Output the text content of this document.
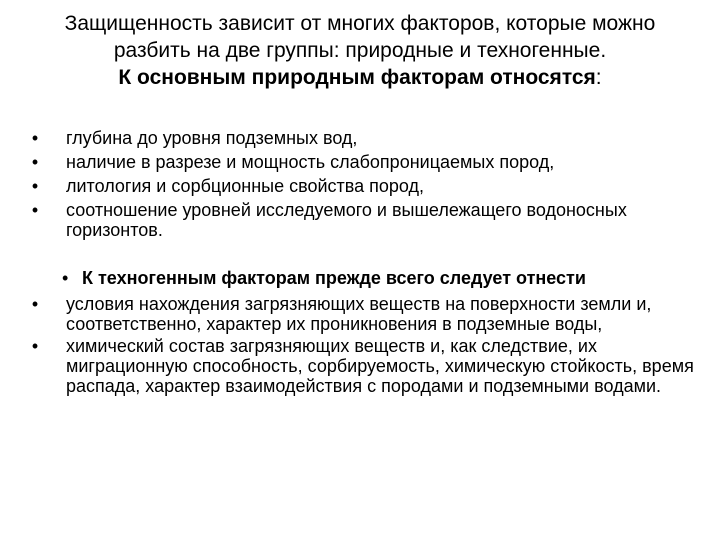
Защищенность зависит от многих факторов, которые можно разбить на две группы: природные и техногенные.
К основным природным факторам относятся:
• глубина до уровня подземных вод,
• наличие в разрезе и мощность слабопроницаемых пород,
• литология и сорбционные свойства пород,
• соотношение уровней исследуемого и вышележащего водоносных горизонтов.
• К техногенным факторам прежде всего следует отнести
• условия нахождения загрязняющих веществ на поверхности земли и, соответственно, характер их проникновения в подземные воды,
• химический состав загрязняющих веществ и, как следствие, их миграционную способность, сорбируемость, химическую стойкость, время распада, характер взаимодействия с породами и подземными водами.
